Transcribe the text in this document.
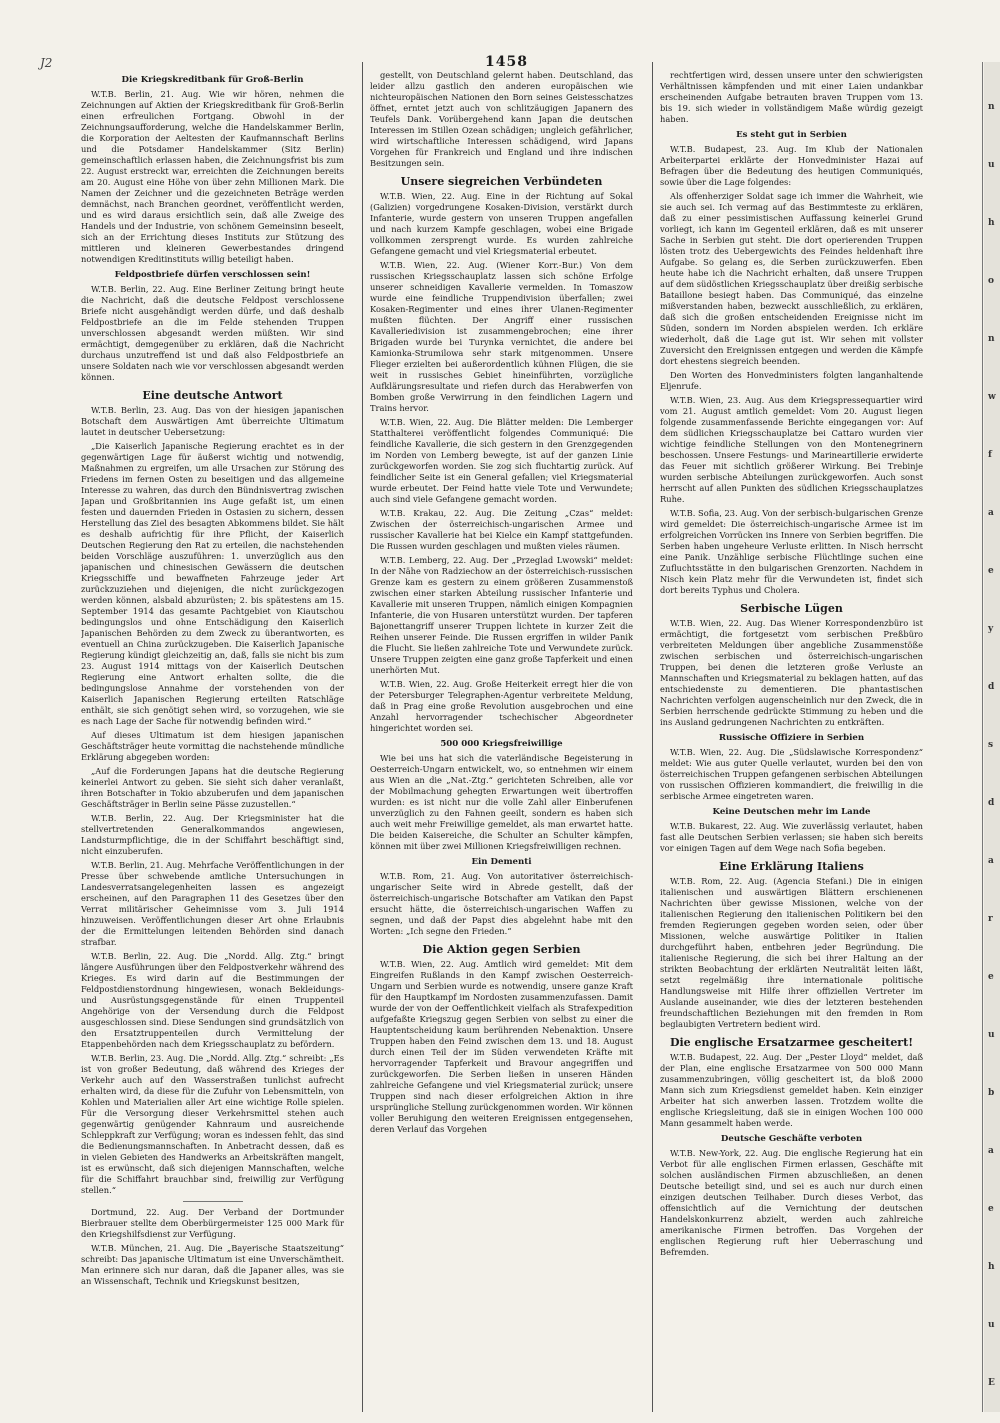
J2	1458
Die Kriegskreditbank für Groß-Berlin

W.T.B. Berlin, 21. Aug. Wie wir hören, nehmen die Zeichnungen auf Aktien der Kriegskreditbank für Groß-Berlin einen erfreulichen Fortgang. Obwohl in der Zeichnungsaufforderung, welche die Handelskammer Berlin, die Korporation der Aeltesten der Kaufmannschaft Berlins und die Potsdamer Handelskammer (Sitz Berlin) gemeinschaftlich erlassen haben, die Zeichnungsfrist bis zum 22. August erstreckt war, erreichten die Zeichnungen bereits am 20. August eine Höhe von über zehn Millionen Mark. Die Namen der Zeichner und die gezeichneten Beträge werden demnächst, nach Branchen geordnet, veröffentlicht werden, und es wird daraus ersichtlich sein, daß alle Zweige des Handels und der Industrie, von schönem Gemeinsinn beseelt, sich an der Errichtung dieses Instituts zur Stützung des mittleren und kleineren Gewerbestandes dringend notwendigen Kreditinstituts willig beteiligt haben.

Feldpostbriefe dürfen verschlossen sein!

W.T.B. Berlin, 22. Aug. Eine Berliner Zeitung bringt heute die Nachricht, daß die deutsche Feldpost verschlossene Briefe nicht ausgehändigt werden dürfe, und daß deshalb Feldpostbriefe an die im Felde stehenden Truppen unverschlossen abgesandt werden müßten. Wir sind ermächtigt, demgegenüber zu erklären, daß die Nachricht durchaus unzutreffend ist und daß also Feldpostbriefe an unsere Soldaten nach wie vor verschlossen abgesandt werden können.

Eine deutsche Antwort

W.T.B. Berlin, 23. Aug. Das von der hiesigen japanischen Botschaft dem Auswärtigen Amt überreichte Ultimatum lautet in deutscher Uebersetzung:

„Die Kaiserlich Japanische Regierung erachtet es in der gegenwärtigen Lage für äußerst wichtig und notwendig, Maßnahmen zu ergreifen, um alle Ursachen zur Störung des Friedens im fernen Osten zu beseitigen und das allgemeine Interesse zu wahren, das durch den Bündnisvertrag zwischen Japan und Großbritannien ins Auge gefaßt ist, um einen festen und dauernden Frieden in Ostasien zu sichern, dessen Herstellung das Ziel des besagten Abkommens bildet. Sie hält es deshalb aufrichtig für ihre Pflicht, der Kaiserlich Deutschen Regierung den Rat zu erteilen, die nachstehenden beiden Vorschläge auszuführen: 1. unverzüglich aus den japanischen und chinesischen Gewässern die deutschen Kriegsschiffe und bewaffneten Fahrzeuge jeder Art zurückzuziehen und diejenigen, die nicht zurückgezogen werden können, alsbald abzurüsten; 2. bis spätestens am 15. September 1914 das gesamte Pachtgebiet von Kiautschou bedingungslos und ohne Entschädigung den Kaiserlich Japanischen Behörden zu dem Zweck zu überantworten, es eventuell an China zurückzugeben. Die Kaiserlich Japanische Regierung kündigt gleichzeitig an, daß, falls sie nicht bis zum 23. August 1914 mittags von der Kaiserlich Deutschen Regierung eine Antwort erhalten sollte, die die bedingungslose Annahme der vorstehenden von der Kaiserlich Japanischen Regierung erteilten Ratschläge enthält, sie sich genötigt sehen wird, so vorzugehen, wie sie es nach Lage der Sache für notwendig befinden wird.“

Auf dieses Ultimatum ist dem hiesigen japanischen Geschäftsträger heute vormittag die nachstehende mündliche Erklärung abgegeben worden:

„Auf die Forderungen Japans hat die deutsche Regierung keinerlei Antwort zu geben. Sie sieht sich daher veranlaßt, ihren Botschafter in Tokio abzuberufen und dem japanischen Geschäftsträger in Berlin seine Pässe zuzustellen.“

W.T.B. Berlin, 22. Aug. Der Kriegsminister hat die stellvertretenden Generalkommandos angewiesen, Landsturmpflichtige, die in der Schiffahrt beschäftigt sind, nicht einzuberufen.

W.T.B. Berlin, 21. Aug. Mehrfache Veröffentlichungen in der Presse über schwebende amtliche Untersuchungen in Landesverratsangelegenheiten lassen es angezeigt erscheinen, auf den Paragraphen 11 des Gesetzes über den Verrat militärischer Geheimnisse vom 3. Juli 1914 hinzuweisen. Veröffentlichungen dieser Art ohne Erlaubnis der die Ermittelungen leitenden Behörden sind danach strafbar.

W.T.B. Berlin, 22. Aug. Die „Nordd. Allg. Ztg.“ bringt längere Ausführungen über den Feldpostverkehr während des Krieges. Es wird darin auf die Bestimmungen der Feldpostdienstordnung hingewiesen, wonach Bekleidungs- und Ausrüstungsgegenstände für einen Truppenteil Angehörige von der Versendung durch die Feldpost ausgeschlossen sind. Diese Sendungen sind grundsätzlich von den Ersatztruppenteilen durch Vermittelung der Etappenbehörden nach dem Kriegsschauplatz zu befördern.

W.T.B. Berlin, 23. Aug. Die „Nordd. Allg. Ztg.“ schreibt: „Es ist von großer Bedeutung, daß während des Krieges der Verkehr auch auf den Wasserstraßen tunlichst aufrecht erhalten wird, da diese für die Zufuhr von Lebensmitteln, von Kohlen und Materialien aller Art eine wichtige Rolle spielen. Für die Versorgung dieser Verkehrsmittel stehen auch gegenwärtig genügender Kahnraum und ausreichende Schleppkraft zur Verfügung; woran es indessen fehlt, das sind die Bedienungsmannschaften. In Anbetracht dessen, daß es in vielen Gebieten des Handwerks an Arbeitskräften mangelt, ist es erwünscht, daß sich diejenigen Mannschaften, welche für die Schiffahrt brauchbar sind, freiwillig zur Verfügung stellen.“

Dortmund, 22. Aug. Der Verband der Dortmunder Bierbrauer stellte dem Oberbürgermeister 125 000 Mark für den Kriegshilfsdienst zur Verfügung.

W.T.B. München, 21. Aug. Die „Bayerische Staatszeitung“ schreibt: Das japanische Ultimatum ist eine Unverschämtheit. Man erinnere sich nur daran, daß die Japaner alles, was sie an Wissenschaft, Technik und Kriegskunst besitzen,

gestellt, von Deutschland gelernt haben. Deutschland, das leider allzu gastlich den anderen europäischen wie nichteuropäischen Nationen den Born seines Geistesschatzes öffnet, erntet jetzt auch von schlitzäugigen Japanern des Teufels Dank. Vorübergehend kann Japan die deutschen Interessen im Stillen Ozean schädigen; ungleich gefährlicher, wird wirtschaftliche Interessen schädigend, wird Japans Vorgehen für Frankreich und England und ihre indischen Besitzungen sein.

Unsere siegreichen Verbündeten

W.T.B. Wien, 22. Aug. Eine in der Richtung auf Sokal (Galizien) vorgedrungene Kosaken-Division, verstärkt durch Infanterie, wurde gestern von unseren Truppen angefallen und nach kurzem Kampfe geschlagen, wobei eine Brigade vollkommen zersprengt wurde. Es wurden zahlreiche Gefangene gemacht und viel Kriegsmaterial erbeutet.

W.T.B. Wien, 22. Aug. (Wiener Korr.-Bur.) Von dem russischen Kriegsschauplatz lassen sich schöne Erfolge unserer schneidigen Kavallerie vermelden. In Tomaszow wurde eine feindliche Truppendivision überfallen; zwei Kosaken-Regimenter und eines ihrer Ulanen-Regimenter mußten flüchten. Der Angriff einer russischen Kavalleriedivision ist zusammengebrochen; eine ihrer Brigaden wurde bei Turynka vernichtet, die andere bei Kamionka-Strumilowa sehr stark mitgenommen. Unsere Flieger erzielten bei außerordentlich kühnen Flügen, die sie weit in russisches Gebiet hineinführten, vorzügliche Aufklärungsresultate und riefen durch das Herabwerfen von Bomben große Verwirrung in den feindlichen Lagern und Trains hervor.

W.T.B. Wien, 22. Aug. Die Blätter melden: Die Lemberger Statthalterei veröffentlicht folgendes Communiqué: Die feindliche Kavallerie, die sich gestern in den Grenzgegenden im Norden von Lemberg bewegte, ist auf der ganzen Linie zurückgeworfen worden. Sie zog sich fluchtartig zurück. Auf feindlicher Seite ist ein General gefallen; viel Kriegsmaterial wurde erbeutet. Der Feind hatte viele Tote und Verwundete; auch sind viele Gefangene gemacht worden.

W.T.B. Krakau, 22. Aug. Die Zeitung „Czas“ meldet: Zwischen der österreichisch-ungarischen Armee und russischer Kavallerie hat bei Kielce ein Kampf stattgefunden. Die Russen wurden geschlagen und mußten vieles räumen.

W.T.B. Lemberg, 22. Aug. Der „Przeglad Lwowski“ meldet: In der Nähe von Radziechow an der österreichisch-russischen Grenze kam es gestern zu einem größeren Zusammenstoß zwischen einer starken Abteilung russischer Infanterie und Kavallerie mit unseren Truppen, nämlich einigen Kompagnien Infanterie, die von Husaren unterstützt wurden. Der tapferen Bajonettangriff unserer Truppen lichtete in kurzer Zeit die Reihen unserer Feinde. Die Russen ergriffen in wilder Panik die Flucht. Sie ließen zahlreiche Tote und Verwundete zurück. Unsere Truppen zeigten eine ganz große Tapferkeit und einen unerhörten Mut.

W.T.B. Wien, 22. Aug. Große Heiterkeit erregt hier die von der Petersburger Telegraphen-Agentur verbreitete Meldung, daß in Prag eine große Revolution ausgebrochen und eine Anzahl hervorragender tschechischer Abgeordneter hingerichtet worden sei.

500 000 Kriegsfreiwillige

Wie bei uns hat sich die vaterländische Begeisterung in Oesterreich-Ungarn entwickelt, wo, so entnehmen wir einem aus Wien an die „Nat.-Ztg.“ gerichteten Schreiben, alle vor der Mobilmachung gehegten Erwartungen weit übertroffen wurden: es ist nicht nur die volle Zahl aller Einberufenen unverzüglich zu den Fahnen geeilt, sondern es haben sich auch weit mehr Freiwillige gemeldet, als man erwartet hatte. Die beiden Kaisereiche, die Schulter an Schulter kämpfen, können mit über zwei Millionen Kriegsfreiwilligen rechnen.

Ein Dementi

W.T.B. Rom, 21. Aug. Von autoritativer österreichisch-ungarischer Seite wird in Abrede gestellt, daß der österreichisch-ungarische Botschafter am Vatikan den Papst ersucht hätte, die österreichisch-ungarischen Waffen zu segnen, und daß der Papst dies abgelehnt habe mit den Worten: „Ich segne den Frieden.“

Die Aktion gegen Serbien

W.T.B. Wien, 22. Aug. Amtlich wird gemeldet: Mit dem Eingreifen Rußlands in den Kampf zwischen Oesterreich-Ungarn und Serbien wurde es notwendig, unsere ganze Kraft für den Hauptkampf im Nordosten zusammenzufassen. Damit wurde der von der Oeffentlichkeit vielfach als Strafexpedition aufgefaßte Kriegszug gegen Serbien von selbst zu einer die Hauptentscheidung kaum berührenden Nebenaktion. Unsere Truppen haben den Feind zwischen dem 13. und 18. August durch einen Teil der im Süden verwendeten Kräfte mit hervorragender Tapferkeit und Bravour angegriffen und zurückgeworfen. Die Serben ließen in unseren Händen zahlreiche Gefangene und viel Kriegsmaterial zurück; unsere Truppen sind nach dieser erfolgreichen Aktion in ihre ursprüngliche Stellung zurückgenommen worden. Wir können voller Beruhigung den weiteren Ereignissen entgegensehen, deren Verlauf das Vorgehen

rechtfertigen wird, dessen unsere unter den schwierigsten Verhältnissen kämpfenden und mit einer Laien undankbar erscheinenden Aufgabe betrauten braven Truppen vom 13. bis 19. sich wieder in vollständigem Maße würdig gezeigt haben.

Es steht gut in Serbien

W.T.B. Budapest, 23. Aug. Im Klub der Nationalen Arbeiterpartei erklärte der Honvedminister Hazai auf Befragen über die Bedeutung des heutigen Communiqués, sowie über die Lage folgendes:

Als offenherziger Soldat sage ich immer die Wahrheit, wie sie auch sei. Ich vermag auf das Bestimmteste zu erklären, daß zu einer pessimistischen Auffassung keinerlei Grund vorliegt, ich kann im Gegenteil erklären, daß es mit unserer Sache in Serbien gut steht. Die dort operierenden Truppen lösten trotz des Uebergewichts des Feindes heldenhaft ihre Aufgabe. So gelang es, die Serben zurückzuwerfen. Eben heute habe ich die Nachricht erhalten, daß unsere Truppen auf dem südöstlichen Kriegsschauplatz über dreißig serbische Bataillone besiegt haben. Das Communiqué, das einzelne mißverstanden haben, bezweckt ausschließlich, zu erklären, daß sich die großen entscheidenden Ereignisse nicht im Süden, sondern im Norden abspielen werden. Ich erkläre wiederholt, daß die Lage gut ist. Wir sehen mit vollster Zuversicht den Ereignissen entgegen und werden die Kämpfe dort ehestens siegreich beenden.

Den Worten des Honvedministers folgten langanhaltende Eljenrufe.

W.T.B. Wien, 23. Aug. Aus dem Kriegspressequartier wird vom 21. August amtlich gemeldet: Vom 20. August liegen folgende zusammenfassende Berichte eingegangen vor: Auf dem südlichen Kriegsschauplatze bei Cattaro wurden vier wichtige feindliche Stellungen von den Montenegrinern beschossen. Unsere Festungs- und Marineartillerie erwiderte das Feuer mit sichtlich größerer Wirkung. Bei Trebinje wurden serbische Abteilungen zurückgeworfen. Auch sonst herrscht auf allen Punkten des südlichen Kriegsschauplatzes Ruhe.

W.T.B. Sofia, 23. Aug. Von der serbisch-bulgarischen Grenze wird gemeldet: Die österreichisch-ungarische Armee ist im erfolgreichen Vorrücken ins Innere von Serbien begriffen. Die Serben haben ungeheure Verluste erlitten. In Nisch herrscht eine Panik. Unzählige serbische Flüchtlinge suchen eine Zufluchtsstätte in den bulgarischen Grenzorten. Nachdem in Nisch kein Platz mehr für die Verwundeten ist, findet sich dort bereits Typhus und Cholera.

Serbische Lügen

W.T.B. Wien, 22. Aug. Das Wiener Korrespondenzbüro ist ermächtigt, die fortgesetzt vom serbischen Preßbüro verbreiteten Meldungen über angebliche Zusammenstöße zwischen serbischen und österreichisch-ungarischen Truppen, bei denen die letzteren große Verluste an Mannschaften und Kriegsmaterial zu beklagen hatten, auf das entschiedenste zu dementieren. Die phantastischen Nachrichten verfolgen augenscheinlich nur den Zweck, die in Serbien herrschende gedrückte Stimmung zu heben und die ins Ausland gedrungenen Nachrichten zu entkräften.

Russische Offiziere in Serbien

W.T.B. Wien, 22. Aug. Die „Südslawische Korrespondenz“ meldet: Wie aus guter Quelle verlautet, wurden bei den von österreichischen Truppen gefangenen serbischen Abteilungen von russischen Offizieren kommandiert, die freiwillig in die serbische Armee eingetreten waren.

Keine Deutschen mehr im Lande

W.T.B. Bukarest, 22. Aug. Wie zuverlässig verlautet, haben fast alle Deutschen Serbien verlassen; sie haben sich bereits vor einigen Tagen auf dem Wege nach Sofia begeben.

Eine Erklärung Italiens

W.T.B. Rom, 22. Aug. (Agencia Stefani.) Die in einigen italienischen und auswärtigen Blättern erschienenen Nachrichten über gewisse Missionen, welche von der italienischen Regierung den italienischen Politikern bei den fremden Regierungen gegeben worden seien, oder über Missionen, welche auswärtige Politiker in Italien durchgeführt haben, entbehren jeder Begründung. Die italienische Regierung, die sich bei ihrer Haltung an der strikten Beobachtung der erklärten Neutralität leiten läßt, setzt regelmäßig ihre internationale politische Handlungsweise mit Hilfe ihrer offiziellen Vertreter im Auslande auseinander, wie dies der letzteren bestehenden freundschaftlichen Beziehungen mit den fremden in Rom beglaubigten Vertretern bedient wird.

Die englische Ersatzarmee gescheitert!

W.T.B. Budapest, 22. Aug. Der „Pester Lloyd“ meldet, daß der Plan, eine englische Ersatzarmee von 500 000 Mann zusammenzubringen, völlig gescheitert ist, da bloß 2000 Mann sich zum Kriegsdienst gemeldet haben. Kein einziger Arbeiter hat sich anwerben lassen. Trotzdem wollte die englische Kriegsleitung, daß sie in einigen Wochen 100 000 Mann gesammelt haben werde.

Deutsche Geschäfte verboten

W.T.B. New-York, 22. Aug. Die englische Regierung hat ein Verbot für alle englischen Firmen erlassen, Geschäfte mit solchen ausländischen Firmen abzuschließen, an denen Deutsche beteiligt sind, und sei es auch nur durch einen einzigen deutschen Teilhaber. Durch dieses Verbot, das offensichtlich auf die Vernichtung der deutschen Handelskonkurrenz abzielt, werden auch zahlreiche amerikanische Firmen betroffen. Das Vorgehen der englischen Regierung ruft hier Ueberraschung und Befremden.

n
u
h
o
n
w
f
a
e
y
d
s
d
a
r
e
u
b
a
e
h
u
E
